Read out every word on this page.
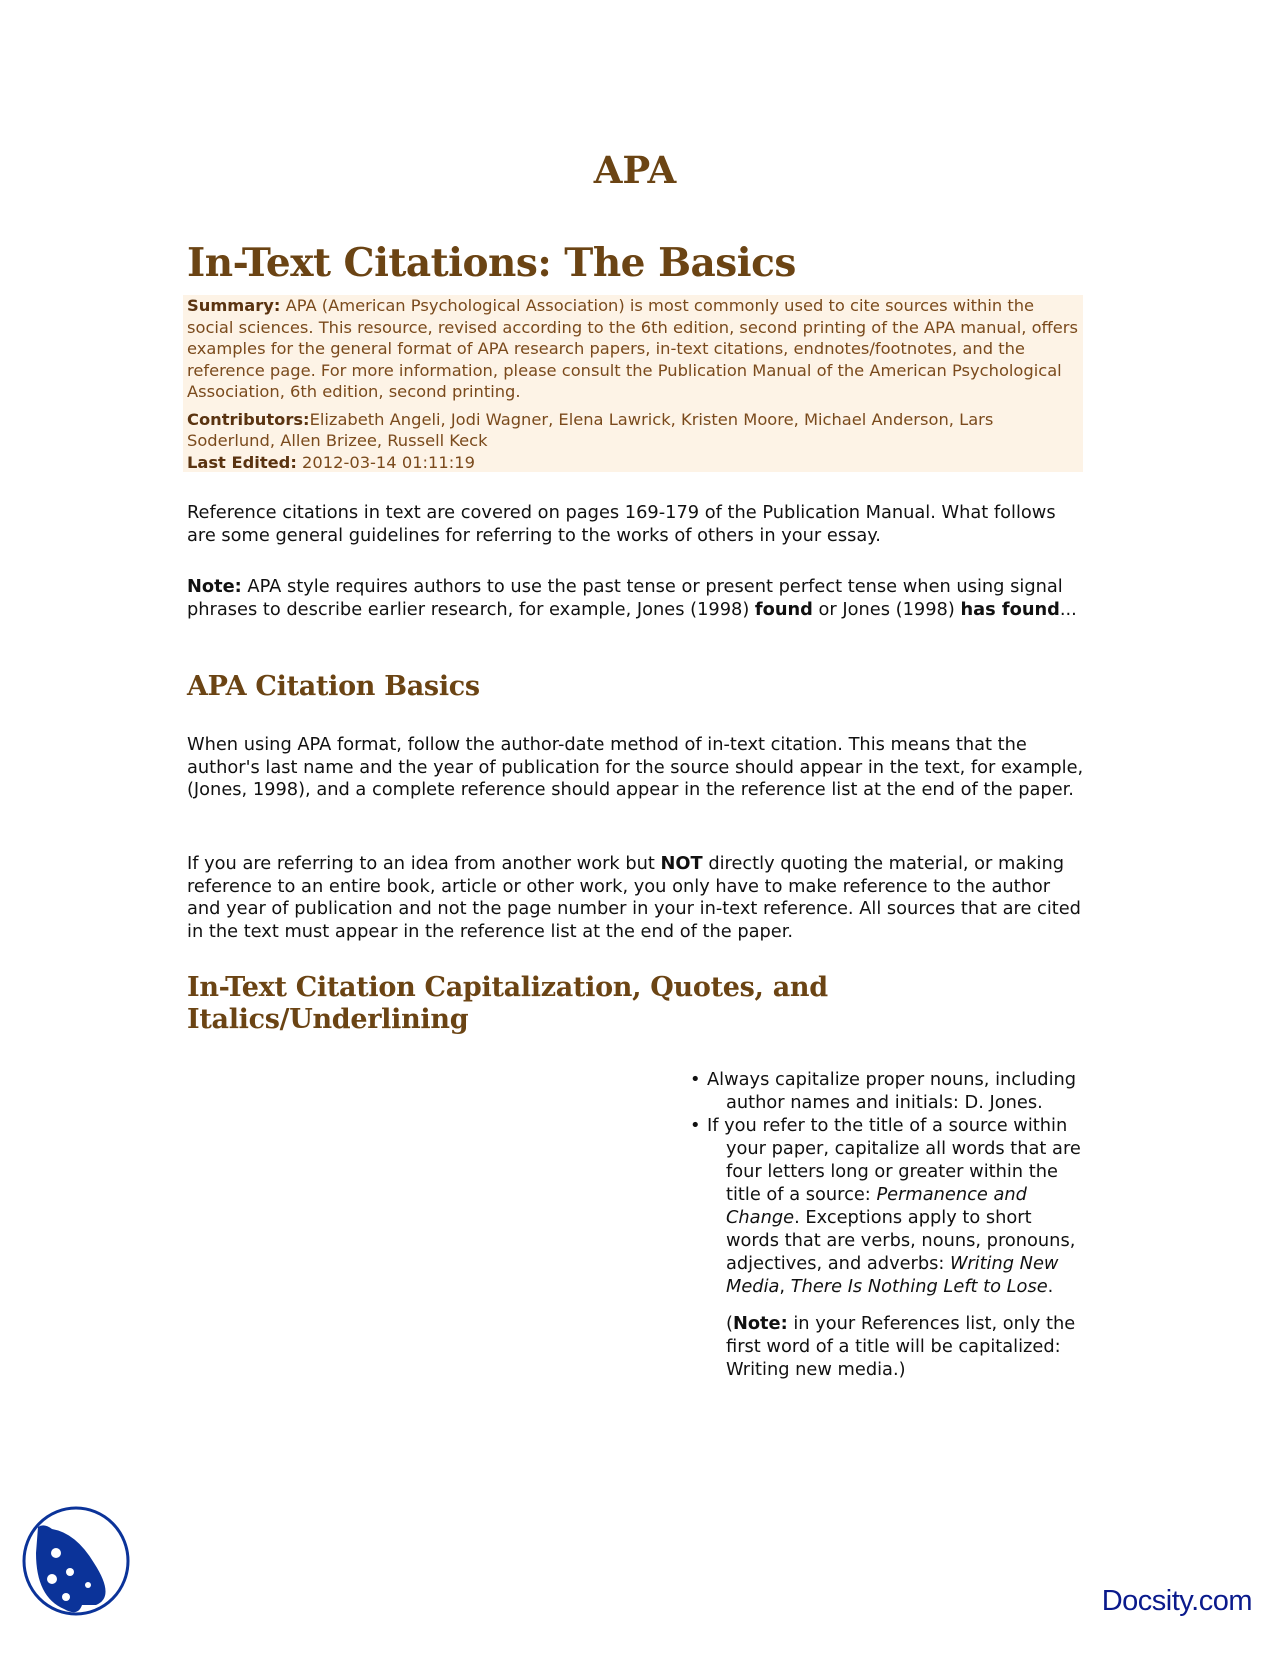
APA
In-Text Citations: The Basics
Summary: APA (American Psychological Association) is most commonly used to cite sources within the social sciences. This resource, revised according to the 6th edition, second printing of the APA manual, offers examples for the general format of APA research papers, in-text citations, endnotes/footnotes, and the reference page. For more information, please consult the Publication Manual of the American Psychological Association, 6th edition, second printing.
Contributors:Elizabeth Angeli, Jodi Wagner, Elena Lawrick, Kristen Moore, Michael Anderson, Lars Soderlund, Allen Brizee, Russell Keck
Last Edited: 2012-03-14 01:11:19
Reference citations in text are covered on pages 169-179 of the Publication Manual. What follows are some general guidelines for referring to the works of others in your essay.
Note: APA style requires authors to use the past tense or present perfect tense when using signal phrases to describe earlier research, for example, Jones (1998) found or Jones (1998) has found...
APA Citation Basics
When using APA format, follow the author-date method of in-text citation. This means that the author's last name and the year of publication for the source should appear in the text, for example, (Jones, 1998), and a complete reference should appear in the reference list at the end of the paper.
If you are referring to an idea from another work but NOT directly quoting the material, or making reference to an entire book, article or other work, you only have to make reference to the author and year of publication and not the page number in your in-text reference. All sources that are cited in the text must appear in the reference list at the end of the paper.
In-Text Citation Capitalization, Quotes, and
Italics/Underlining
• Always capitalize proper nouns, including author names and initials: D. Jones.
• If you refer to the title of a source within your paper, capitalize all words that are four letters long or greater within the title of a source: Permanence and Change. Exceptions apply to short words that are verbs, nouns, pronouns, adjectives, and adverbs: Writing New Media, There Is Nothing Left to Lose.
(Note: in your References list, only the first word of a title will be capitalized: Writing new media.)
Docsity.com
